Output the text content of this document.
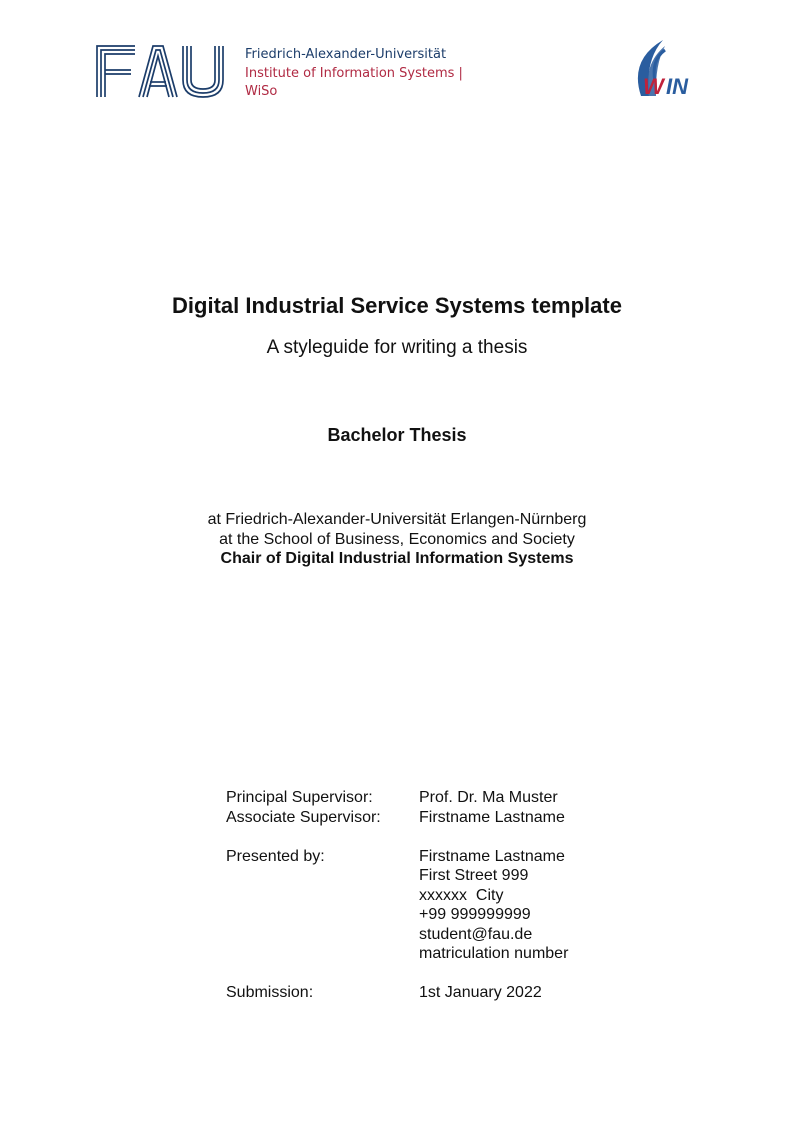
Friedrich-Alexander-Universität
Institute of Information Systems |
WiSo	W IN
Digital Industrial Service Systems template
A styleguide for writing a thesis
Bachelor Thesis
at Friedrich-Alexander-Universität Erlangen-Nürnberg
at the School of Business, Economics and Society
Chair of Digital Industrial Information Systems
Principal Supervisor:	Prof. Dr. Ma Muster
Associate Supervisor: Firstname Lastname
Presented by:	Firstname Lastname
First Street 999
xxxxxx  City
+99 999999999
student@fau.de
matriculation number
Submission:	1st January 2022
